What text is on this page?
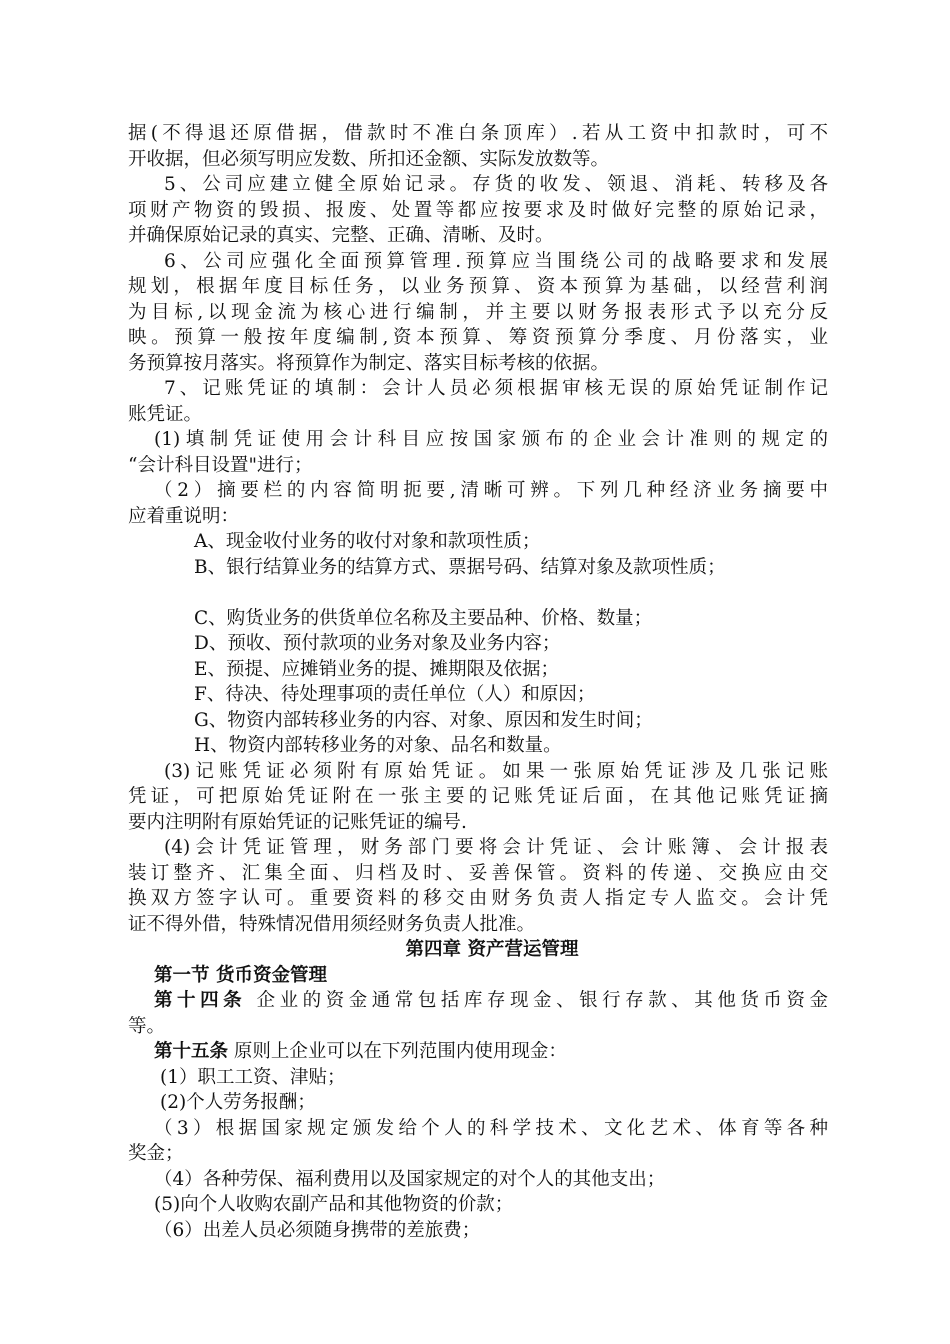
据(不得退还原借据，借款时不准白条顶库）.若从工资中扣款时，可不
开收据，但必须写明应发数、所扣还金额、实际发放数等。
5、公司应建立健全原始记录。存货的收发、领退、消耗、转移及各
项财产物资的毁损、报废、处置等都应按要求及时做好完整的原始记录，
并确保原始记录的真实、完整、正确、清晰、及时。
6、公司应强化全面预算管理.预算应当围绕公司的战略要求和发展
规划，根据年度目标任务，以业务预算、资本预算为基础，以经营利润
为目标,以现金流为核心进行编制，并主要以财务报表形式予以充分反
映。预算一般按年度编制,资本预算、筹资预算分季度、月份落实，业
务预算按月落实。将预算作为制定、落实目标考核的依据。
7、记账凭证的填制：会计人员必须根据审核无误的原始凭证制作记
账凭证。
(1)填制凭证使用会计科目应按国家颁布的企业会计准则的规定的
“会计科目设置"进行；
（2）摘要栏的内容简明扼要,清晰可辨。下列几种经济业务摘要中
应着重说明：
A、现金收付业务的收付对象和款项性质；
B、银行结算业务的结算方式、票据号码、结算对象及款项性质；
C、购货业务的供货单位名称及主要品种、价格、数量；
D、预收、预付款项的业务对象及业务内容；
E、预提、应摊销业务的提、摊期限及依据；
F、待决、待处理事项的责任单位（人）和原因；
G、物资内部转移业务的内容、对象、原因和发生时间；
H、物资内部转移业务的对象、品名和数量。
(3)记账凭证必须附有原始凭证。如果一张原始凭证涉及几张记账
凭证，可把原始凭证附在一张主要的记账凭证后面，在其他记账凭证摘
要内注明附有原始凭证的记账凭证的编号.
(4)会计凭证管理，财务部门要将会计凭证、会计账簿、会计报表
装订整齐、汇集全面、归档及时、妥善保管。资料的传递、交换应由交
换双方签字认可。重要资料的移交由财务负责人指定专人监交。会计凭
证不得外借，特殊情况借用须经财务负责人批准。
第四章 资产营运管理
第一节 货币资金管理
第十四条 企业的资金通常包括库存现金、银行存款、其他货币资金
等。
第十五条 原则上企业可以在下列范围内使用现金：
(1）职工工资、津贴；
(2)个人劳务报酬；
（3）根据国家规定颁发给个人的科学技术、文化艺术、体育等各种
奖金；
（4）各种劳保、福利费用以及国家规定的对个人的其他支出；
(5)向个人收购农副产品和其他物资的价款；
（6）出差人员必须随身携带的差旅费；
